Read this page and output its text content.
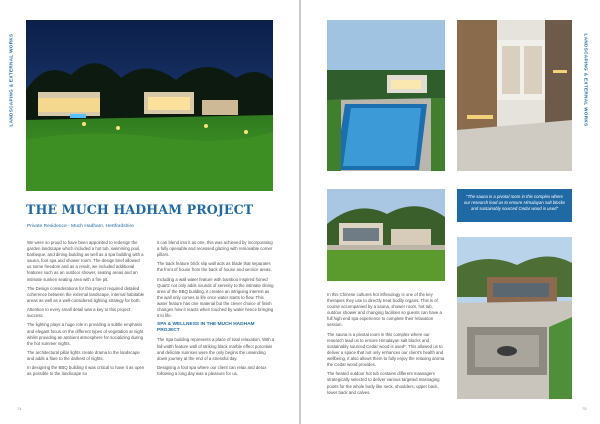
LANDSCAPING & EXTERNAL WORKS
THE MUCH HADHAM PROJECT
Private Residence - Much Hadham, Hertfordshire

We were so proud to have been appointed to redesign the garden landscape which included a hot tub, swimming pool, barbeque, and dining building as well as a spa building with a sauna, foot spa and shower room. The design brief allowed us some freedom and as a result, we included additional features such as an outdoor shower, seating areas and an intimate sunken seating area with a fire pit.

The Design considerations for this project required detailed coherence between the external landscape, internal habitable areas as well as a well-considered lighting strategy for both.

Attention to every small detail was a key to this project success.

The lighting plays a huge role in providing a subtle emphasis and elegant focus on the different types of vegetation at night whilst providing an ambient atmosphere for socializing during the hot summer nights.

The architectural pillar lights create drama to the landscape and adds a flare to the darkest of nights.

In designing the BBQ building it was critical to have it as open as possible to the landscape so

it can blend into it as one, this was achieved by incorporating a fully openable and recessed glazing with removable corner pillars.

The back feature brick slip wall acts as blade that separates the front of house from the back of house and service areas.

Including a wall water feature with bamboo inspired honed Quartz not only adds sounds of serenity to the intimate dining area of the BBQ building, it creates an intriguing interest as the wall only comes to life once water starts to flow. This water feature has one material but the clever choice of finish changes how it reacts when touched by water hence bringing it to life.

SPA & WELLNESS IN THE MUCH HADHAM PROJECT

The Spa building represents a place of total relaxation. With a fall width feature wall of striking black marble effect porcelain and delicate sunrises were the only begins the unwinding down journey at the end of a stressful day.

Designing a foot spa where our client can relax and detox following a long day was a pleasure for us.

74
LANDSCAPING & EXTERNAL WORKS
75
"The sauna is a pivotal room in this complex where our research lead us to ensure Himalayan salt blocks and sustainably sourced Cedar wood is used"

In this Chinese cultures hot inflexology is one of the key therapies they use to directly treat bodily organs. This is of course accompanied by a sauna, shower room, hot tub, outdoor shower and changing facilities so guests can have a full high end spa experience to complete their relaxation session.

The sauna is a pivotal room in this complex where our research lead us to ensure Himalayan salt blocks and sustainably sourced Cedar wood is used*. This allowed us to deliver a space that not only enhances our client's health and wellbeing, it also allows them to fully enjoy the relaxing aroma the Cedar wood provides.

The heated outdoor hot tub contains different massagers strategically selected to deliver various targeted massaging points for the whole body like neck, shoulders, upper back, lower back and calves.
